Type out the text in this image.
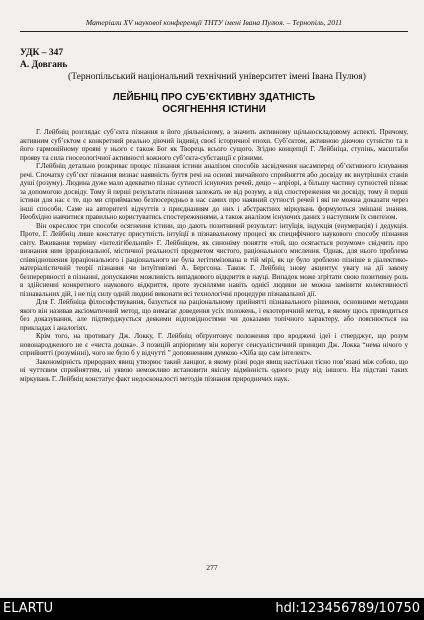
Матеріали XV наукової конференції ТНТУ імені Івана Пулюя. – Тернопіль, 2011
УДК – 347
А. Довгань
(Тернопільський національний технічний університет імені Івана Пулюя)
ЛЕЙБНІЦ ПРО СУБ’ЄКТИВНУ ЗДАТНІСТЬ
ОСЯГНЕННЯ ІСТИНИ

Г. Лейбніц розглядає суб’єкта пізнання в його діяльнісному, а значить активному щільноскладовому аспекті. Причому, активним суб’єктом є конкретний реально діючий індивід своєї історичної епохи. Суб’єктом, активною діючою сутністю та в його гармонійному прояві у нього є також Бог як Творець всього сущого. Згідно концепції Г. Лейбніца, ступінь, масштаби прояву та сила гносеологічної активності кожного суб’єкта-субстанції є різними.

Г.Лейбніц детально розкриває процес пізнання істини аналізом способів засвідчення насамперед об’єктивного існування речі. Спочатку суб’єкт пізнання визнає наявність буття речі на основі звичайного сприйняття або досвіду як внутрішніх станів душі (розуму). Людина дуже мало адекватно пізнає сутності існуючих речей, дещо – апріорі, а більшу частину сутностей пізнає за допомогою досвіду. Тому й перші результати пізнання залежать не від розуму, а від спостереження чи досвіду, тому й перші істини для нас є те, що ми сприймаємо безпосередньо в нас самих про наявний сутності речей і які не можна доказати через інші способи. Саме на авторитеті відчуттів з приєднанням до них і абстрактних міркувань формуються змішані знання. Необхідно навчитися правильно користуватись спостереженнями, а також аналізом існуючих даних з наступним їх синтезом.

Він окреслює три способи осягнення істини, що дають позитивний результат: інтуїція, індукція (енумерація) і дедукція. Проте, Г. Лейбніц лише констатує присутність інтуїції в пізнавальному процесі як специфічного наукового способу пізнання світу. Вживання терміну «інтелігібельний» Г. Лейбніцем, як синоніму поняття «той, що осягається розумом» свідчить про визнання ним ірраціональної, містичної реальності предметом чистого, раціонального мислення. Однак, для нього проблема співвідношення ірраціонального і раціонального не була легітимізована в тій мірі, як це було зроблено пізніше в діалектико-матеріалістичній теорії пізнання чи інтуїтивізмі А. Бергсона. Також Г. Лейбніц знову акцентує увагу на дії закону безперервності в пізнанні, допускаючи можливість випадкового відкриття в науці. Випадок може згрітати свою позитивну роль в здійсненні конкретного наукового відкриття, проте зусиллями навіть однієї людини не можна замінити колективності пізнавальних дій, і не під силу одній людині виконати всі технологічні процедури пізнавальної дії.

Для Г. Лейбніца філософствування, базується на раціональному прийнятті пізнавального рішення, основними методами якого він називав аксіоматичний метод, що вимагає доведення усіх положень, і екзотеричний метод, в якому щось приводиться без доказування, але підтверджується деякими відповідностями чи доказами топічного характеру, або пояснюється на прикладах і аналогіях.

Крім того, на противагу Дж. Локку, Г. Лейбніц обґрунтовує положення про вроджені ідеї і стверджує, що розум новонародженого не є «чиста дошка». З позицій апріоризму він корегує сенсуалістичний принцип Дж. Локка “нема нічого у сприйнятті (розумінні), чого не було б у відчутті ” доповненням думкою «Хіба що сам інтелект».

Закономірність природних явищ утворює такий ланцюг, в якому різні роди явищ настільки тісно пов’язані між собою, що ні чуттєвим сприйняттям, ні уявою неможливо встановити якісну відмінність одного роду від іншого. На підставі таких міркувань Г. Лейбніц констатує факт недосконалості методів пізнання природничих наук.

277
ELARTU	hdl:123456789/10750
